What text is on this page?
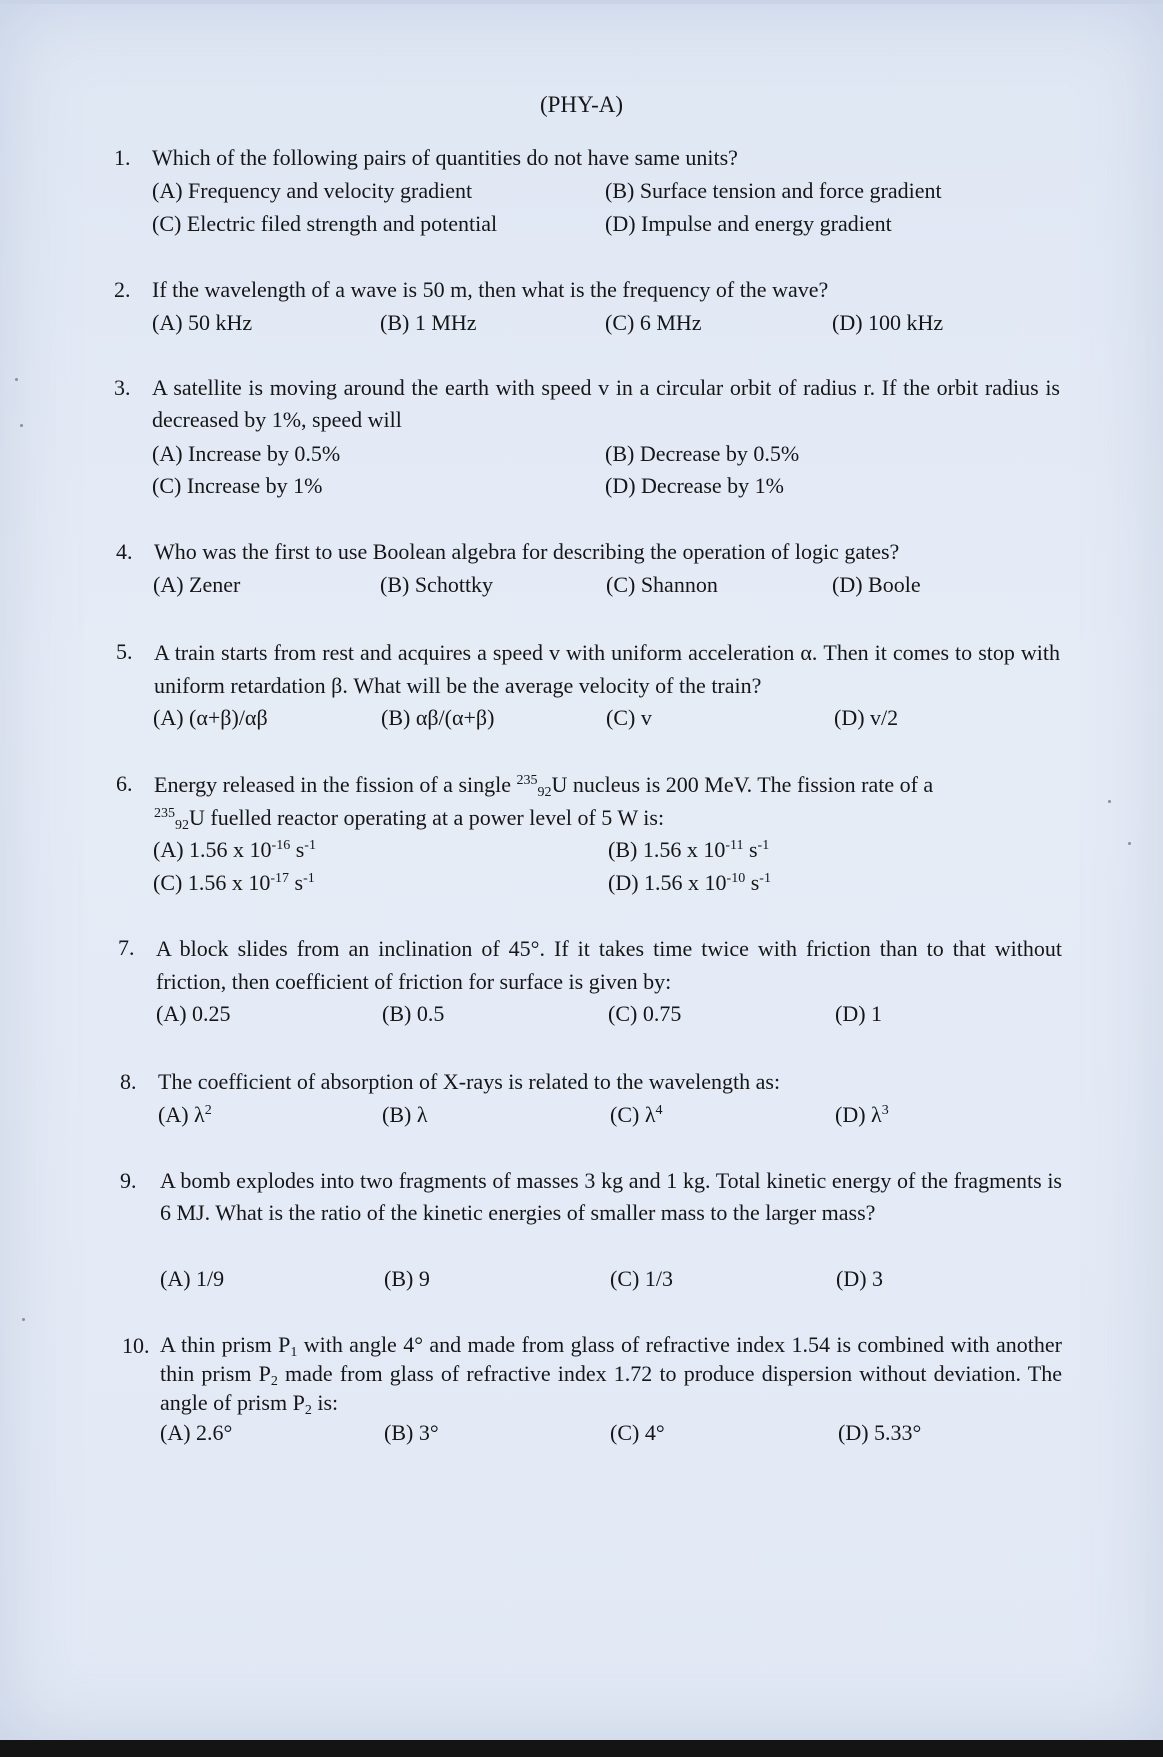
(PHY-A)
1. Which of the following pairs of quantities do not have same units?
(A) Frequency and velocity gradient	(B) Surface tension and force gradient
(C) Electric filed strength and potential	(D) Impulse and energy gradient
2. If the wavelength of a wave is 50 m, then what is the frequency of the wave?
(A) 50 kHz	(B) 1 MHz	(C) 6 MHz	(D) 100 kHz
3. A satellite is moving around the earth with speed v in a circular orbit of radius r. If the orbit radius is decreased by 1%, speed will
(A) Increase by 0.5%	(B) Decrease by 0.5%
(C) Increase by 1%	(D) Decrease by 1%
4. Who was the first to use Boolean algebra for describing the operation of logic gates?
(A) Zener	(B) Schottky	(C) Shannon	(D) Boole
5. A train starts from rest and acquires a speed v with uniform acceleration α. Then it comes to stop with uniform retardation β. What will be the average velocity of the train?
(A) (α+β)/αβ	(B) αβ/(α+β)	(C) v	(D) v/2
6. Energy released in the fission of a single $^{235}_{92}$U nucleus is 200 MeV. The fission rate of a
$^{235}_{92}$U fuelled reactor operating at a power level of 5 W is:
(A) 1.56 x $10^{-16}$ $s^{-1}$	(B) 1.56 x $10^{-11}$ $s^{-1}$
(C) 1.56 x $10^{-17}$ $s^{-1}$	(D) 1.56 x $10^{-10}$ $s^{-1}$
7. A block slides from an inclination of 45°. If it takes time twice with friction than to that without friction, then coefficient of friction for surface is given by:
(A) 0.25	(B) 0.5	(C) 0.75	(D) 1
8. The coefficient of absorption of X-rays is related to the wavelength as:
(A) $\lambda^2$	(B) λ	(C) $\lambda^4$	(D) $\lambda^3$
9. A bomb explodes into two fragments of masses 3 kg and 1 kg. Total kinetic energy of the fragments is 6 MJ. What is the ratio of the kinetic energies of smaller mass to the larger mass?
(A) 1/9	(B) 9	(C) 1/3	(D) 3
10. A thin prism $P_1$ with angle 4° and made from glass of refractive index 1.54 is combined with another thin prism $P_2$ made from glass of refractive index 1.72 to produce dispersion without deviation. The angle of prism $P_2$ is:
(A) 2.6°	(B) 3°	(C) 4°	(D) 5.33°
